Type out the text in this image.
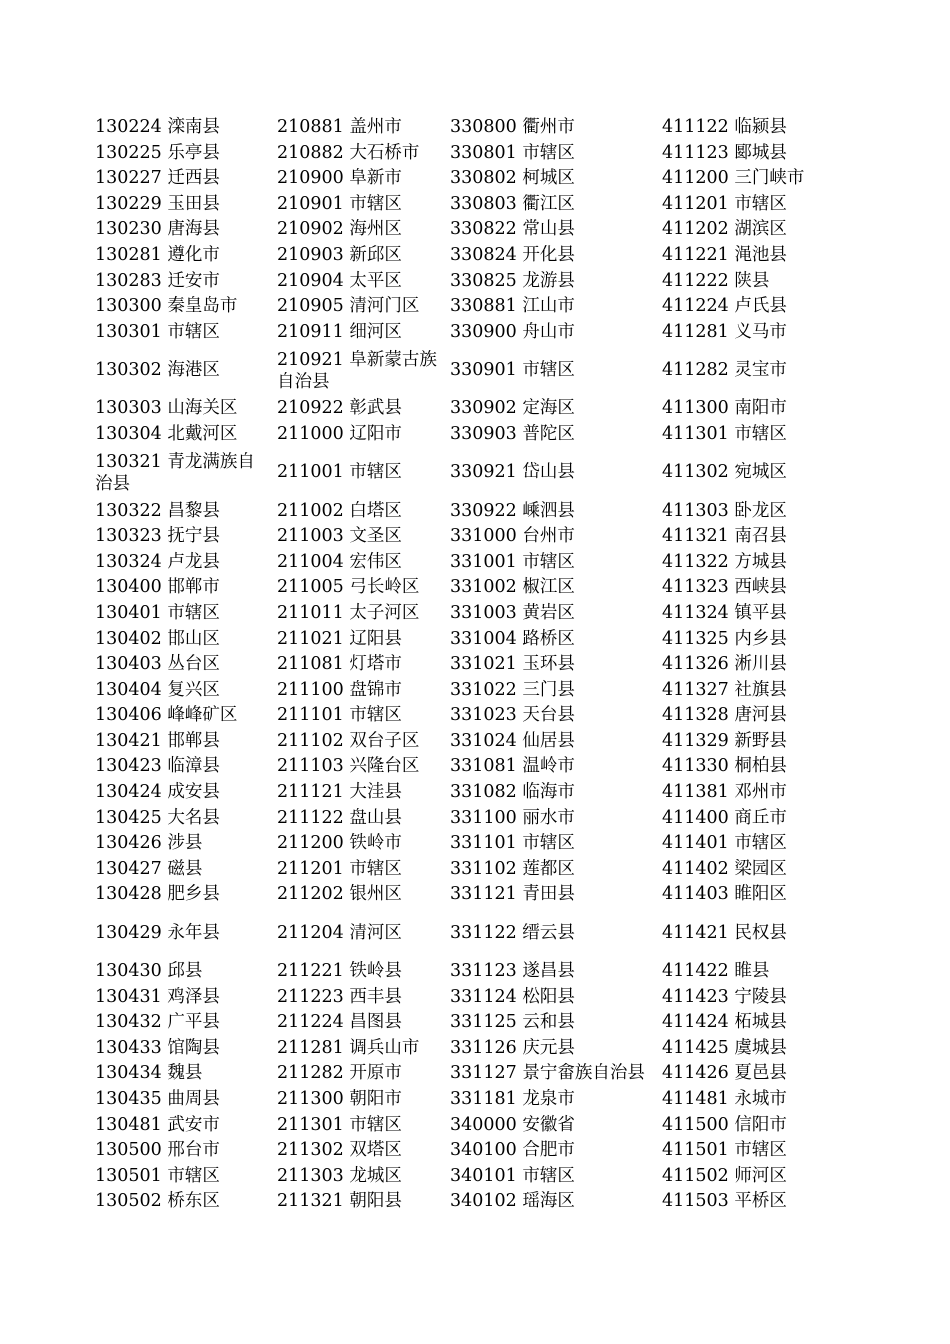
130224 滦南县	210881 盖州市	330800 衢州市	411122 临颍县
130225 乐亭县	210882 大石桥市	330801 市辖区	411123 郾城县
130227 迁西县	210900 阜新市	330802 柯城区	411200 三门峡市
130229 玉田县	210901 市辖区	330803 衢江区	411201 市辖区
130230 唐海县	210902 海州区	330822 常山县	411202 湖滨区
130281 遵化市	210903 新邱区	330824 开化县	411221 渑池县
130283 迁安市	210904 太平区	330825 龙游县	411222 陕县
130300 秦皇岛市	210905 清河门区	330881 江山市	411224 卢氏县
130301 市辖区	210911 细河区	330900 舟山市	411281 义马市
130302 海港区	210921 阜新蒙古族自治县	330901 市辖区	411282 灵宝市
130303 山海关区	210922 彰武县	330902 定海区	411300 南阳市
130304 北戴河区	211000 辽阳市	330903 普陀区	411301 市辖区
130321 青龙满族自治县	211001 市辖区	330921 岱山县	411302 宛城区
130322 昌黎县	211002 白塔区	330922 嵊泗县	411303 卧龙区
130323 抚宁县	211003 文圣区	331000 台州市	411321 南召县
130324 卢龙县	211004 宏伟区	331001 市辖区	411322 方城县
130400 邯郸市	211005 弓长岭区	331002 椒江区	411323 西峡县
130401 市辖区	211011 太子河区	331003 黄岩区	411324 镇平县
130402 邯山区	211021 辽阳县	331004 路桥区	411325 内乡县
130403 丛台区	211081 灯塔市	331021 玉环县	411326 淅川县
130404 复兴区	211100 盘锦市	331022 三门县	411327 社旗县
130406 峰峰矿区	211101 市辖区	331023 天台县	411328 唐河县
130421 邯郸县	211102 双台子区	331024 仙居县	411329 新野县
130423 临漳县	211103 兴隆台区	331081 温岭市	411330 桐柏县
130424 成安县	211121 大洼县	331082 临海市	411381 邓州市
130425 大名县	211122 盘山县	331100 丽水市	411400 商丘市
130426 涉县	211200 铁岭市	331101 市辖区	411401 市辖区
130427 磁县	211201 市辖区	331102 莲都区	411402 梁园区
130428 肥乡县	211202 银州区	331121 青田县	411403 睢阳区
130429 永年县	211204 清河区	331122 缙云县	411421 民权县
130430 邱县	211221 铁岭县	331123 遂昌县	411422 睢县
130431 鸡泽县	211223 西丰县	331124 松阳县	411423 宁陵县
130432 广平县	211224 昌图县	331125 云和县	411424 柘城县
130433 馆陶县	211281 调兵山市	331126 庆元县	411425 虞城县
130434 魏县	211282 开原市	331127 景宁畲族自治县	411426 夏邑县
130435 曲周县	211300 朝阳市	331181 龙泉市	411481 永城市
130481 武安市	211301 市辖区	340000 安徽省	411500 信阳市
130500 邢台市	211302 双塔区	340100 合肥市	411501 市辖区
130501 市辖区	211303 龙城区	340101 市辖区	411502 师河区
130502 桥东区	211321 朝阳县	340102 瑶海区	411503 平桥区
